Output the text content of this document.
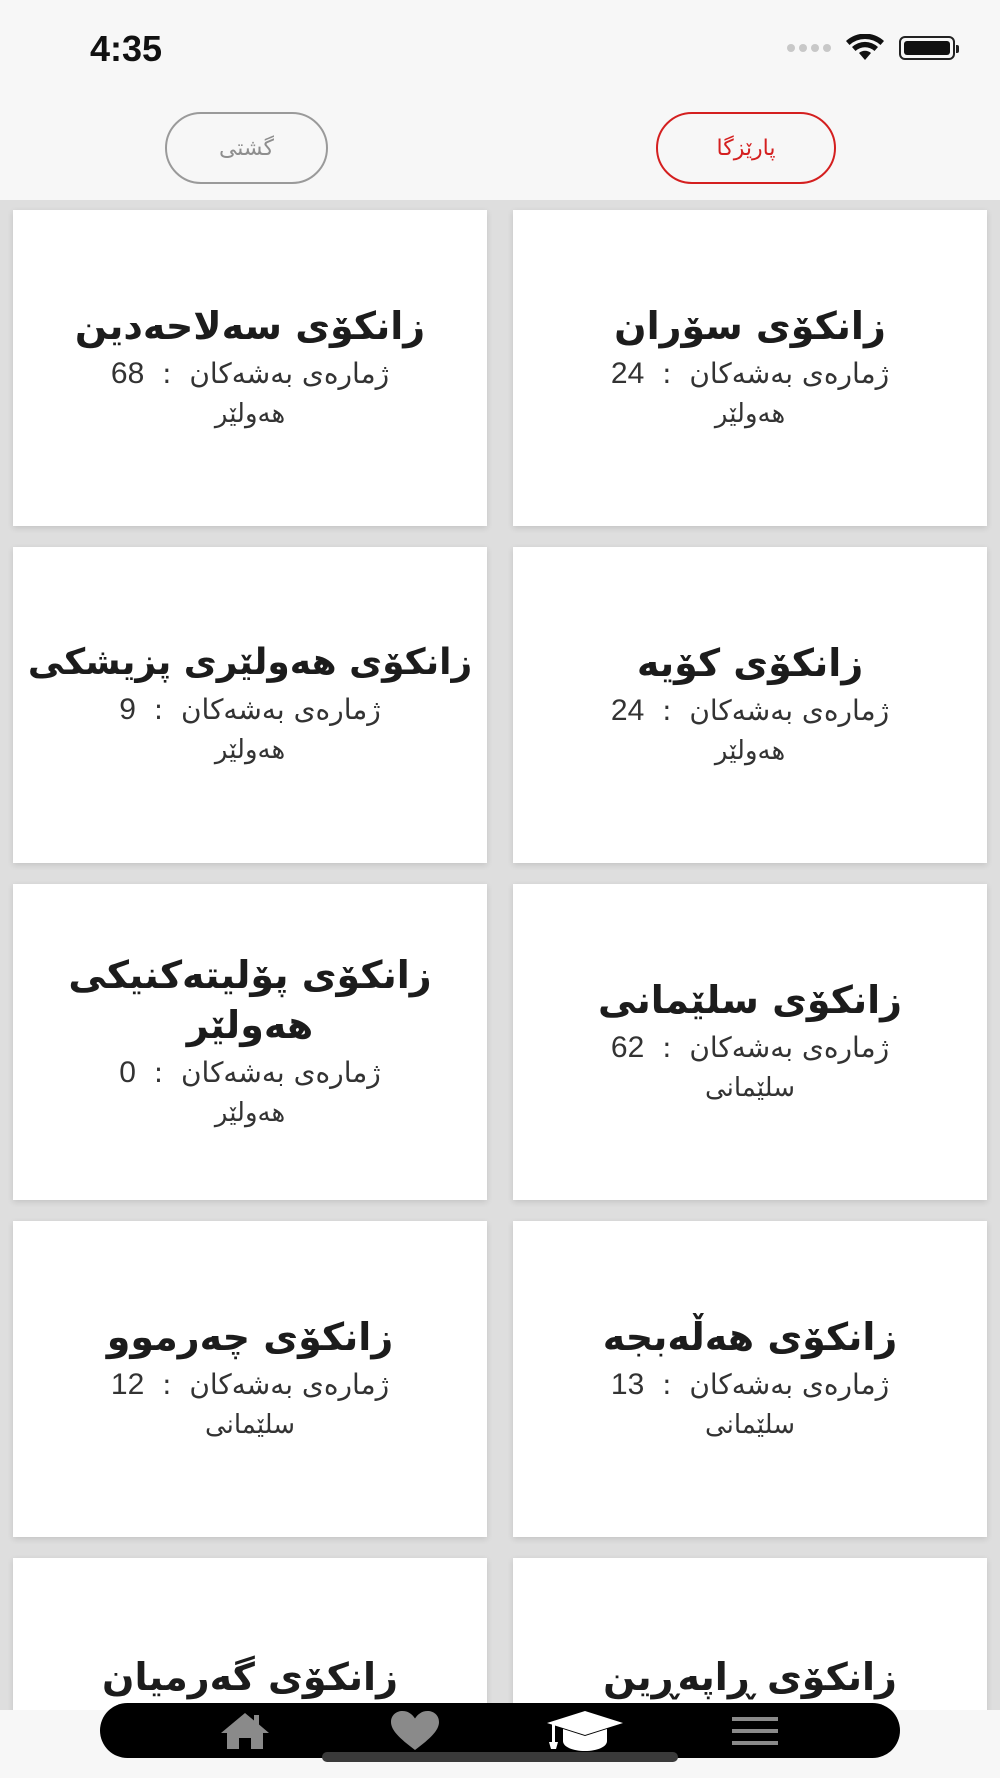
4:35
گشتی	پارێزگا
زانکۆی سۆران
ژمارەی بەشەکان  :  24
هەولێر
زانکۆی سەلاحەدین
ژمارەی بەشەکان  :  68
هەولێر
زانکۆی کۆیە
ژمارەی بەشەکان  :  24
هەولێر
زانکۆی هەولێری پزیشکی
ژمارەی بەشەکان  :  9
هەولێر
زانکۆی سلێمانی
ژمارەی بەشەکان  :  62
سلێمانی
زانکۆی پۆلیتەکنیکی هەولێر
ژمارەی بەشەکان  :  0
هەولێر
زانکۆی هەڵەبجە
ژمارەی بەشەکان  :  13
سلێمانی
زانکۆی چەرموو
ژمارەی بەشەکان  :  12
سلێمانی
زانکۆی ڕاپەڕین
زانکۆی گەرمیان
